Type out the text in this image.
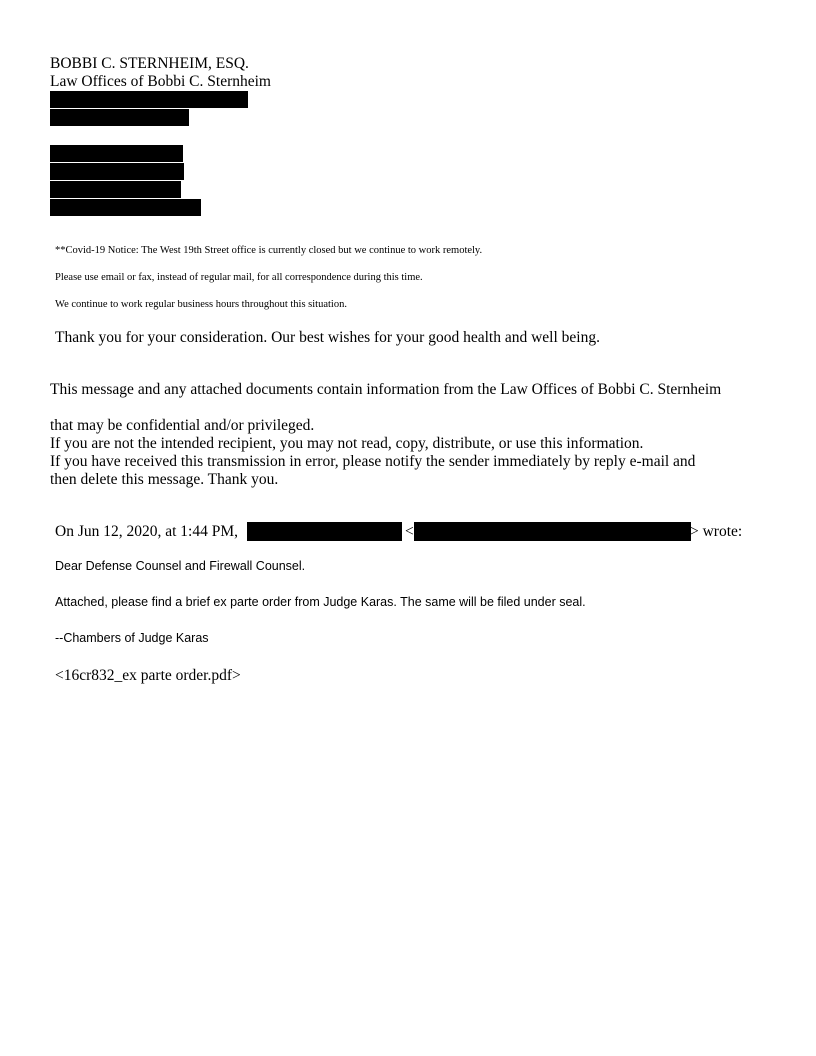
BOBBI C. STERNHEIM, ESQ.
Law Offices of Bobbi C. Sternheim
**Covid-19 Notice: The West 19th Street office is currently closed but we continue to work remotely.
Please use email or fax, instead of regular mail, for all correspondence during this time.
We continue to work regular business hours throughout this situation.
Thank you for your consideration. Our best wishes for your good health and well being.
This message and any attached documents contain information from the Law Offices of Bobbi C. Sternheim
that may be confidential and/or privileged.
If you are not the intended recipient, you may not read, copy, distribute, or use this information.
If you have received this transmission in error, please notify the sender immediately by reply e-mail and
then delete this message. Thank you.
On Jun 12, 2020, at 1:44 PM,	<	> wrote:
Dear Defense Counsel and Firewall Counsel.
Attached, please find a brief ex parte order from Judge Karas. The same will be filed under seal.
--Chambers of Judge Karas
<16cr832_ex parte order.pdf>
